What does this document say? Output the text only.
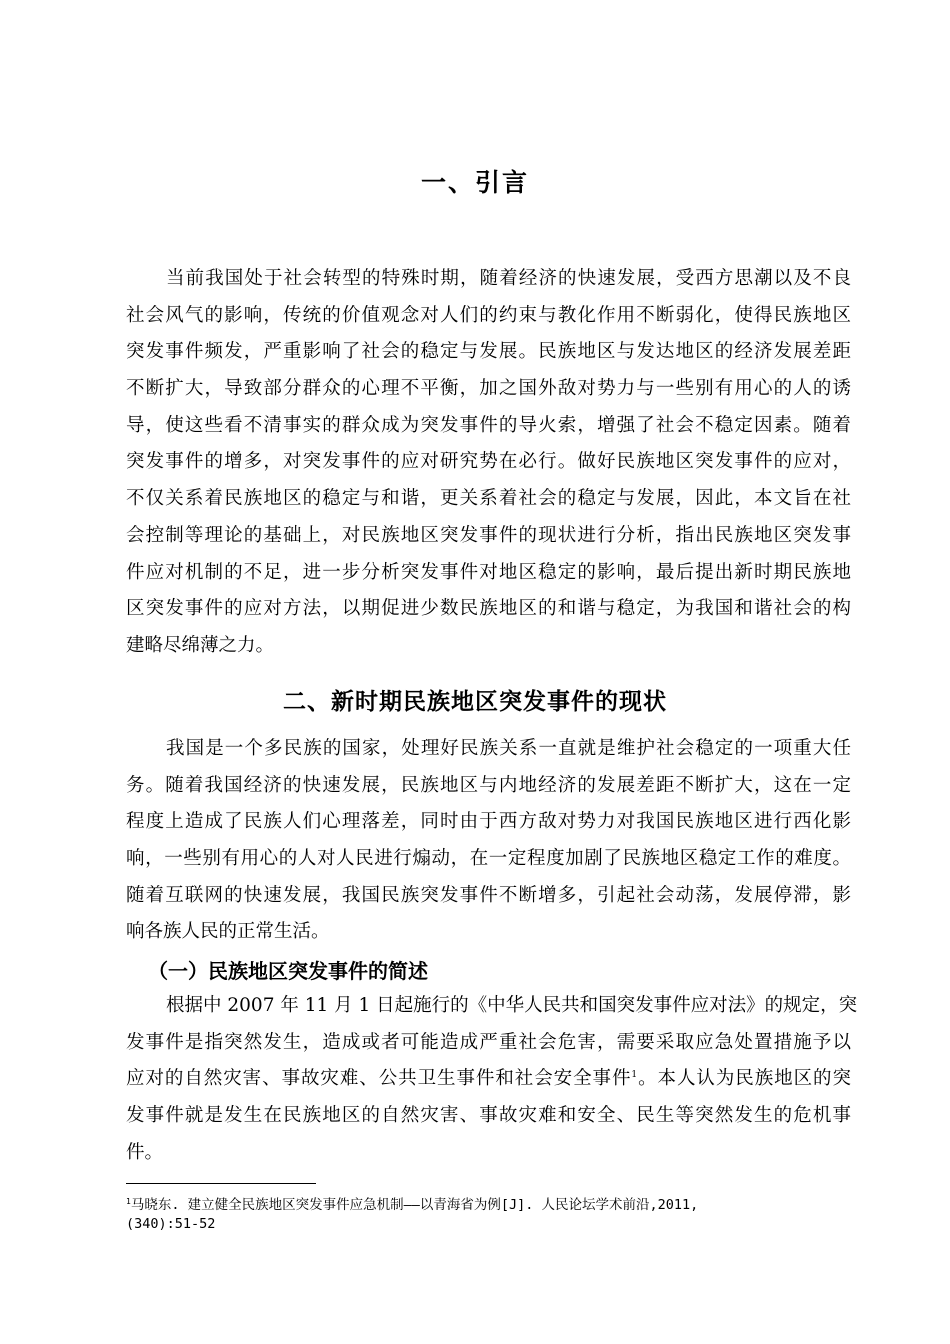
一、引言
当前我国处于社会转型的特殊时期，随着经济的快速发展，受西方思潮以及不良
社会风气的影响，传统的价值观念对人们的约束与教化作用不断弱化，使得民族地区
突发事件频发，严重影响了社会的稳定与发展。民族地区与发达地区的经济发展差距
不断扩大，导致部分群众的心理不平衡，加之国外敌对势力与一些别有用心的人的诱
导，使这些看不清事实的群众成为突发事件的导火索，增强了社会不稳定因素。随着
突发事件的增多，对突发事件的应对研究势在必行。做好民族地区突发事件的应对，
不仅关系着民族地区的稳定与和谐，更关系着社会的稳定与发展，因此，本文旨在社
会控制等理论的基础上，对民族地区突发事件的现状进行分析，指出民族地区突发事
件应对机制的不足，进一步分析突发事件对地区稳定的影响，最后提出新时期民族地
区突发事件的应对方法，以期促进少数民族地区的和谐与稳定，为我国和谐社会的构
建略尽绵薄之力。
二、新时期民族地区突发事件的现状
我国是一个多民族的国家，处理好民族关系一直就是维护社会稳定的一项重大任
务。随着我国经济的快速发展，民族地区与内地经济的发展差距不断扩大，这在一定
程度上造成了民族人们心理落差，同时由于西方敌对势力对我国民族地区进行西化影
响，一些别有用心的人对人民进行煽动，在一定程度加剧了民族地区稳定工作的难度。
随着互联网的快速发展，我国民族突发事件不断增多，引起社会动荡，发展停滞，影
响各族人民的正常生活。
（一）民族地区突发事件的简述
根据中 2007 年 11 月 1 日起施行的《中华人民共和国突发事件应对法》的规定，突
发事件是指突然发生，造成或者可能造成严重社会危害，需要采取应急处置措施予以
应对的自然灾害、事故灾难、公共卫生事件和社会安全事件$^1$。本人认为民族地区的突
发事件就是发生在民族地区的自然灾害、事故灾难和安全、民生等突然发生的危机事
件。
$^1$马晓东. 建立健全民族地区突发事件应急机制——以青海省为例[J]. 人民论坛学术前沿,2011,
(340):51-52
